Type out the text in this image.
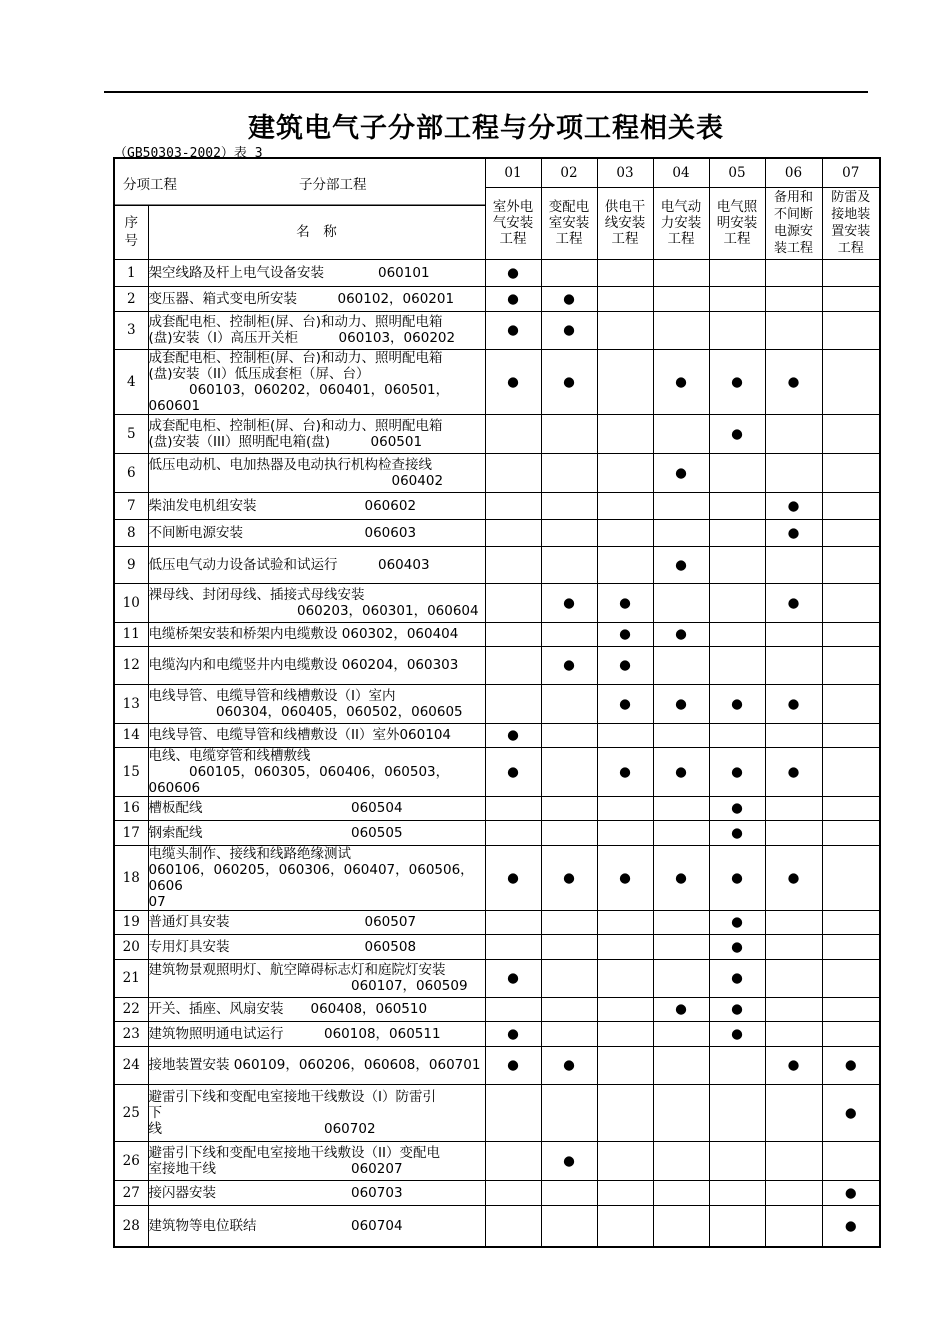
建筑电气子分部工程与分项工程相关表
（GB50303-2002）表 3
分项工程 子分部工程		01	02	03	04	05	06	07
		室外电
气安装
工程	变配电
室安装
工程	供电干
线安装
工程	电气动
力安装
工程	电气照
明安装
工程	备用和
不间断
电源安
装工程	防雷及
接地装
置安装
工程
序
号	名　称							
1	架空线路及杆上电气设备安装　　　　060101	●						
2	变压器、箱式变电所安装　　　060102，060201	●	●					
3	成套配电柜、控制柜(屏、台)和动力、照明配电箱
(盘)安装（I）高压开关柜　　　060103，060202	●	●					
4	成套配电柜、控制柜(屏、台)和动力、照明配电箱
(盘)安装（II）低压成套柜（屏、台）
　　　060103，060202，060401，060501，060601	●	●		●	●	●	
5	成套配电柜、控制柜(屏、台)和动力、照明配电箱
(盘)安装（III）照明配电箱(盘)　　　060501					●		
6	低压电动机、电加热器及电动执行机构检查接线
　　　　　　　　　　　　　　　　　　060402				●			
7	柴油发电机组安装　　　　　　　　060602						●	
8	不间断电源安装　　　　　　　　　060603						●	
9	低压电气动力设备试验和试运行　　　060403				●			
10	裸母线、封闭母线、插接式母线安装
　　　　　　　　　　　060203，060301，060604		●	●			●	
11	电缆桥架安装和桥架内电缆敷设 060302，060404			●	●			
12	电缆沟内和电缆竖井内电缆敷设 060204，060303		●	●				
13	电线导管、电缆导管和线槽敷设（I）室内
　　　　　060304，060405，060502，060605			●	●	●	●	
14	电线导管、电缆导管和线槽敷设（II）室外060104	●						
15	电线、电缆穿管和线槽敷线
　　　060105，060305，060406，060503，060606	●		●	●	●	●	
16	槽板配线　　　　　　　　　　　060504					●		
17	钢索配线　　　　　　　　　　　060505					●		
18	电缆头制作、接线和线路绝缘测试
060106，060205，060306，060407，060506，0606
07	●	●	●	●	●	●	
19	普通灯具安装　　　　　　　　　　060507					●		
20	专用灯具安装　　　　　　　　　　060508					●		
21	建筑物景观照明灯、航空障碍标志灯和庭院灯安装
　　　　　　　　　　　　　　　060107，060509	●				●		
22	开关、插座、风扇安装　　060408，060510				●	●		
23	建筑物照明通电试运行　　　060108，060511	●				●		
24	接地装置安装 060109，060206，060608，060701	●	●				●	●
25	避雷引下线和变配电室接地干线敷设（I）防雷引
下
线　　　　　　　　　　　　060702							●
26	避雷引下线和变配电室接地干线敷设（II）变配电
室接地干线　　　　　　　　　　060207		●					
27	接闪器安装　　　　　　　　　　060703							●
28	建筑物等电位联结　　　　　　　060704							●
